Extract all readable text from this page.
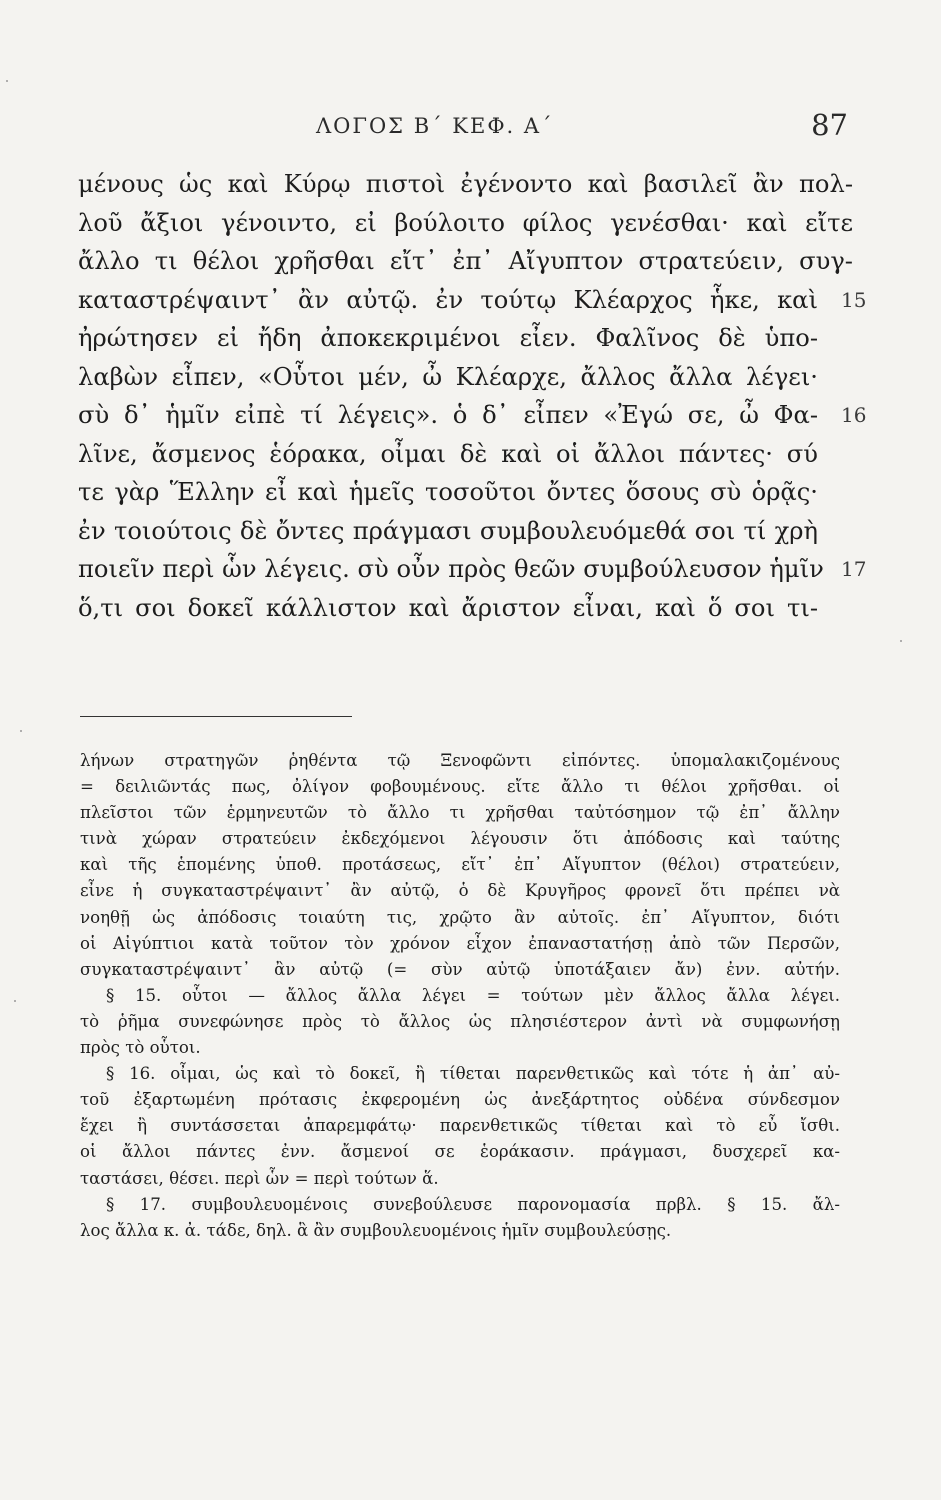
ΛΟΓΟΣ Β΄ ΚΕΦ. Α΄	87
μένους ὡς καὶ Κύρῳ πιστοὶ ἐγένοντο καὶ βασιλεῖ ἂν πολ-
λοῦ ἄξιοι γένοιντο, εἰ βούλοιτο φίλος γενέσθαι· καὶ εἴτε
ἄλλο τι θέλοι χρῆσθαι εἴτ᾽ ἐπ᾽ Αἴγυπτον στρατεύειν, συγ-
καταστρέψαιντ᾽ ἂν αὐτῷ. ἐν τούτῳ Κλέαρχος ἧκε, καὶ 15
ἠρώτησεν εἰ ἤδη ἀποκεκριμένοι εἶεν. Φαλῖνος δὲ ὑπο-
λαβὼν εἶπεν, «Οὗτοι μέν, ὦ Κλέαρχε, ἄλλος ἄλλα λέγει·
σὺ δ᾽ ἡμῖν εἰπὲ τί λέγεις». ὁ δ᾽ εἶπεν «Ἐγώ σε, ὦ Φα- 16
λῖνε, ἄσμενος ἑόρακα, οἶμαι δὲ καὶ οἱ ἄλλοι πάντες· σύ
τε γὰρ Ἕλλην εἶ καὶ ἡμεῖς τοσοῦτοι ὄντες ὅσους σὺ ὁρᾷς·
ἐν τοιούτοις δὲ ὄντες πράγμασι συμβουλευόμεθά σοι τί χρὴ
ποιεῖν περὶ ὧν λέγεις. σὺ οὖν πρὸς θεῶν συμβούλευσον ἡμῖν 17
ὅ,τι σοι δοκεῖ κάλλιστον καὶ ἄριστον εἶναι, καὶ ὅ σοι τι-
λήνων στρατηγῶν ῥηθέντα τῷ Ξενοφῶντι εἰπόντες. ὑπομαλακιζομένους
= δειλιῶντάς πως, ὀλίγον φοβουμένους. εἴτε ἄλλο τι θέλοι χρῆσθαι. οἱ
πλεῖστοι τῶν ἑρμηνευτῶν τὸ ἄλλο τι χρῆσθαι ταὐτόσημον τῷ ἐπ᾽ ἄλλην
τινὰ χώραν στρατεύειν ἐκδεχόμενοι λέγουσιν ὅτι ἀπόδοσις καὶ ταύτης
καὶ τῆς ἑπομένης ὑποθ. προτάσεως, εἴτ᾽ ἐπ᾽ Αἴγυπτον (θέλοι) στρατεύειν,
εἶνε ἡ συγκαταστρέψαιντ᾽ ἂν αὐτῷ, ὁ δὲ Κρυγῆρος φρονεῖ ὅτι πρέπει νὰ
νοηθῇ ὡς ἀπόδοσις τοιαύτη τις, χρῷτο ἂν αὐτοῖς. ἐπ᾽ Αἴγυπτον, διότι
οἱ Αἰγύπτιοι κατὰ τοῦτον τὸν χρόνον εἶχον ἐπαναστατήσῃ ἀπὸ τῶν Περσῶν,
συγκαταστρέψαιντ᾽ ἂν αὐτῷ (= σὺν αὐτῷ ὑποτάξαιεν ἄν) ἐνν. αὐτήν.
§ 15. οὗτοι — ἄλλος ἄλλα λέγει = τούτων μὲν ἄλλος ἄλλα λέγει.
τὸ ῥῆμα συνεφώνησε πρὸς τὸ ἄλλος ὡς πλησιέστερον ἀντὶ νὰ συμφωνήσῃ
πρὸς τὸ οὗτοι.
§ 16. οἶμαι, ὡς καὶ τὸ δοκεῖ, ἢ τίθεται παρενθετικῶς καὶ τότε ἡ ἀπ᾽ αὐ-
τοῦ ἐξαρτωμένη πρότασις ἐκφερομένη ὡς ἀνεξάρτητος οὐδένα σύνδεσμον
ἔχει ἢ συντάσσεται ἀπαρεμφάτῳ· παρενθετικῶς τίθεται καὶ τὸ εὖ ἴσθι.
οἱ ἄλλοι πάντες ἐνν. ἄσμενοί σε ἑοράκασιν. πράγμασι, δυσχερεῖ κα-
ταστάσει, θέσει. περὶ ὧν = περὶ τούτων ἅ.
§ 17. συμβουλευομένοις συνεβούλευσε παρονομασία πρβλ. § 15. ἄλ-
λος ἄλλα κ. ἀ. τάδε, δηλ. ἃ ἂν συμβουλευομένοις ἡμῖν συμβουλεύσῃς.
